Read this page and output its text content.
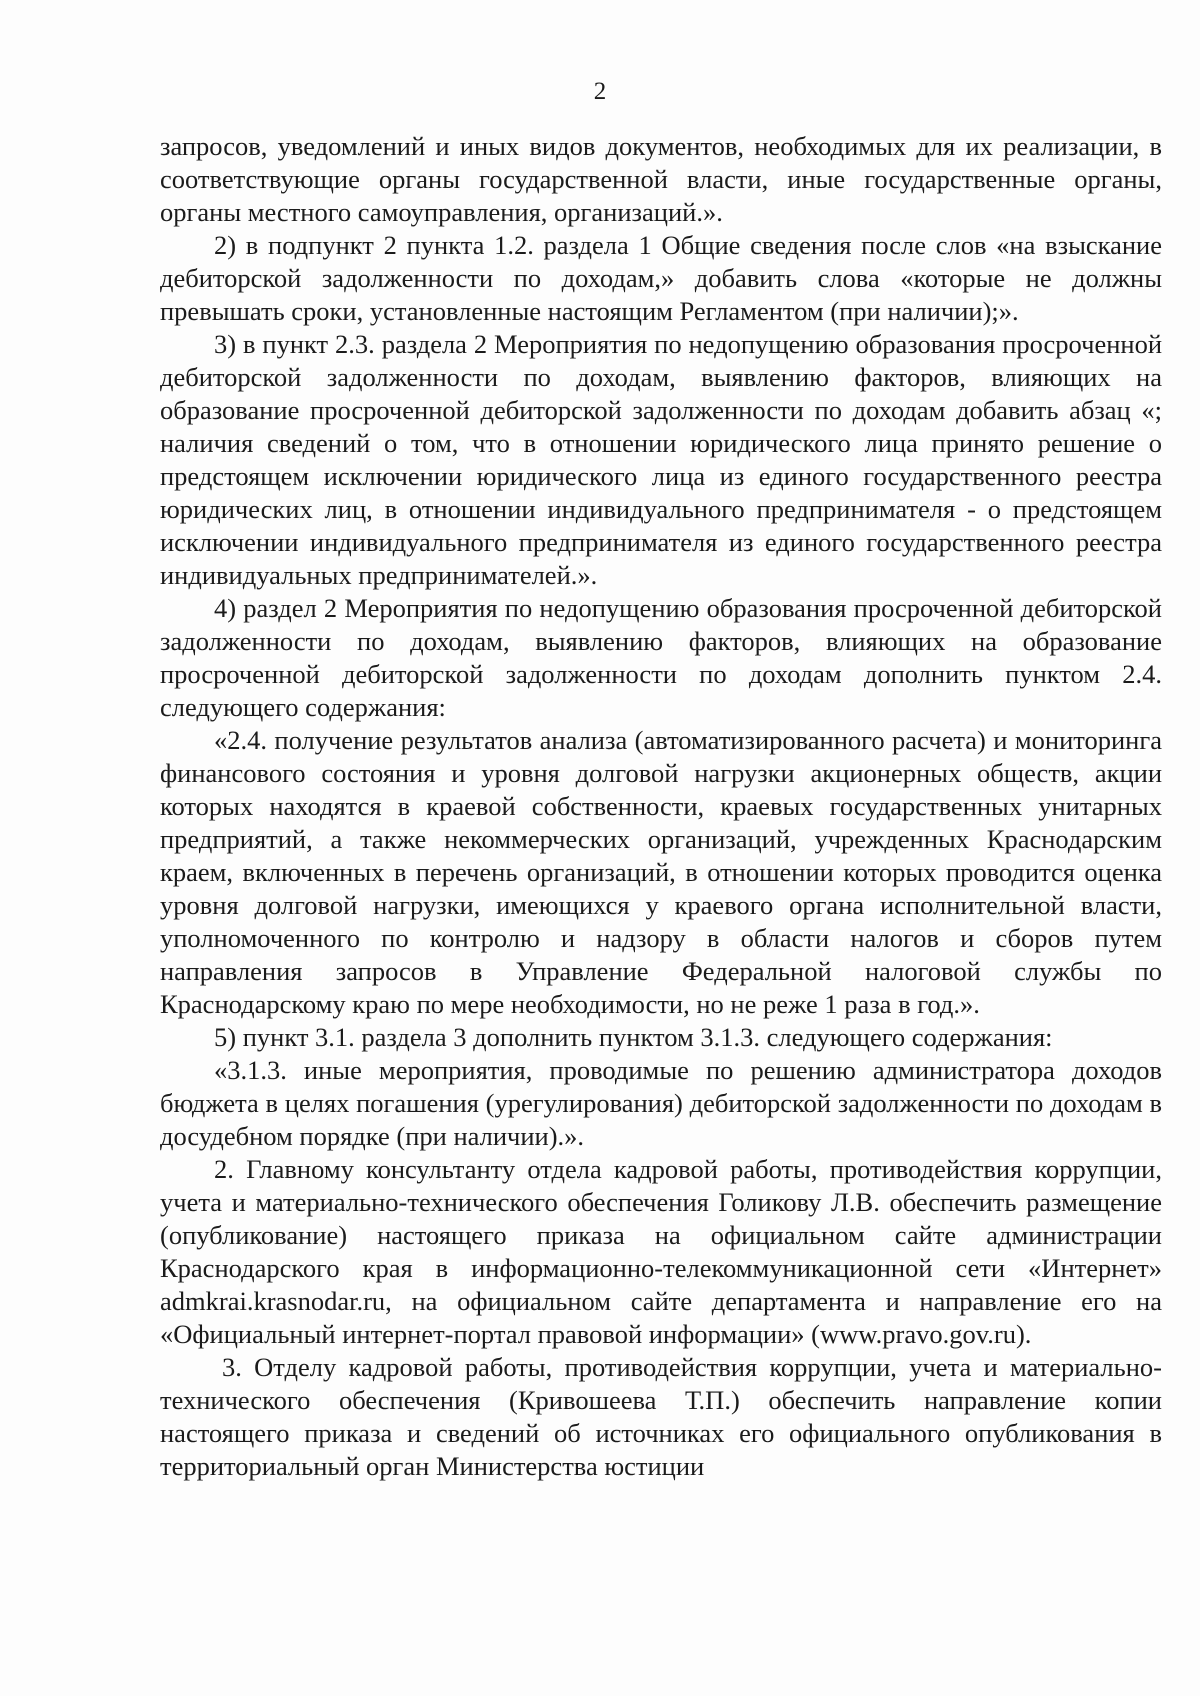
2

запросов, уведомлений и иных видов документов, необходимых для их реализации, в соответствующие органы государственной власти, иные государственные органы, органы местного самоуправления, организаций.».

2) в подпункт 2 пункта 1.2. раздела 1 Общие сведения после слов «на взыскание дебиторской задолженности по доходам,» добавить слова «которые не должны превышать сроки, установленные настоящим Регламентом (при наличии);».

3) в пункт 2.3. раздела 2 Мероприятия по недопущению образования просроченной дебиторской задолженности по доходам, выявлению факторов, влияющих на образование просроченной дебиторской задолженности по доходам добавить абзац «; наличия сведений о том, что в отношении юридического лица принято решение о предстоящем исключении юридического лица из единого государственного реестра юридических лиц, в отношении индивидуального предпринимателя - о предстоящем исключении индивидуального предпринимателя из единого государственного реестра индивидуальных предпринимателей.».

4) раздел 2 Мероприятия по недопущению образования просроченной дебиторской задолженности по доходам, выявлению факторов, влияющих на образование просроченной дебиторской задолженности по доходам дополнить пунктом 2.4. следующего содержания:

«2.4. получение результатов анализа (автоматизированного расчета) и мониторинга финансового состояния и уровня долговой нагрузки акционерных обществ, акции которых находятся в краевой собственности, краевых государственных унитарных предприятий, а также некоммерческих организаций, учрежденных Краснодарским краем, включенных в перечень организаций, в отношении которых проводится оценка уровня долговой нагрузки, имеющихся у краевого органа исполнительной власти, уполномоченного по контролю и надзору в области налогов и сборов путем направления запросов в Управление Федеральной налоговой службы по Краснодарскому краю по мере необходимости, но не реже 1 раза в год.».

5) пункт 3.1. раздела 3 дополнить пунктом 3.1.3. следующего содержания:

«3.1.3. иные мероприятия, проводимые по решению администратора доходов бюджета в целях погашения (урегулирования) дебиторской задолженности по доходам в досудебном порядке (при наличии).».

2. Главному консультанту отдела кадровой работы, противодействия коррупции, учета и материально-технического обеспечения Голикову Л.В. обеспечить размещение (опубликование) настоящего приказа на официальном сайте администрации Краснодарского края в информационно-телекоммуникационной сети «Интернет» admkrai.krasnodar.ru, на официальном сайте департамента и направление его на «Официальный интернет-портал правовой информации» (www.pravo.gov.ru).

3. Отделу кадровой работы, противодействия коррупции, учета и материально-технического обеспечения (Кривошеева Т.П.) обеспечить направление копии настоящего приказа и сведений об источниках его официального опубликования в территориальный орган Министерства юстиции
